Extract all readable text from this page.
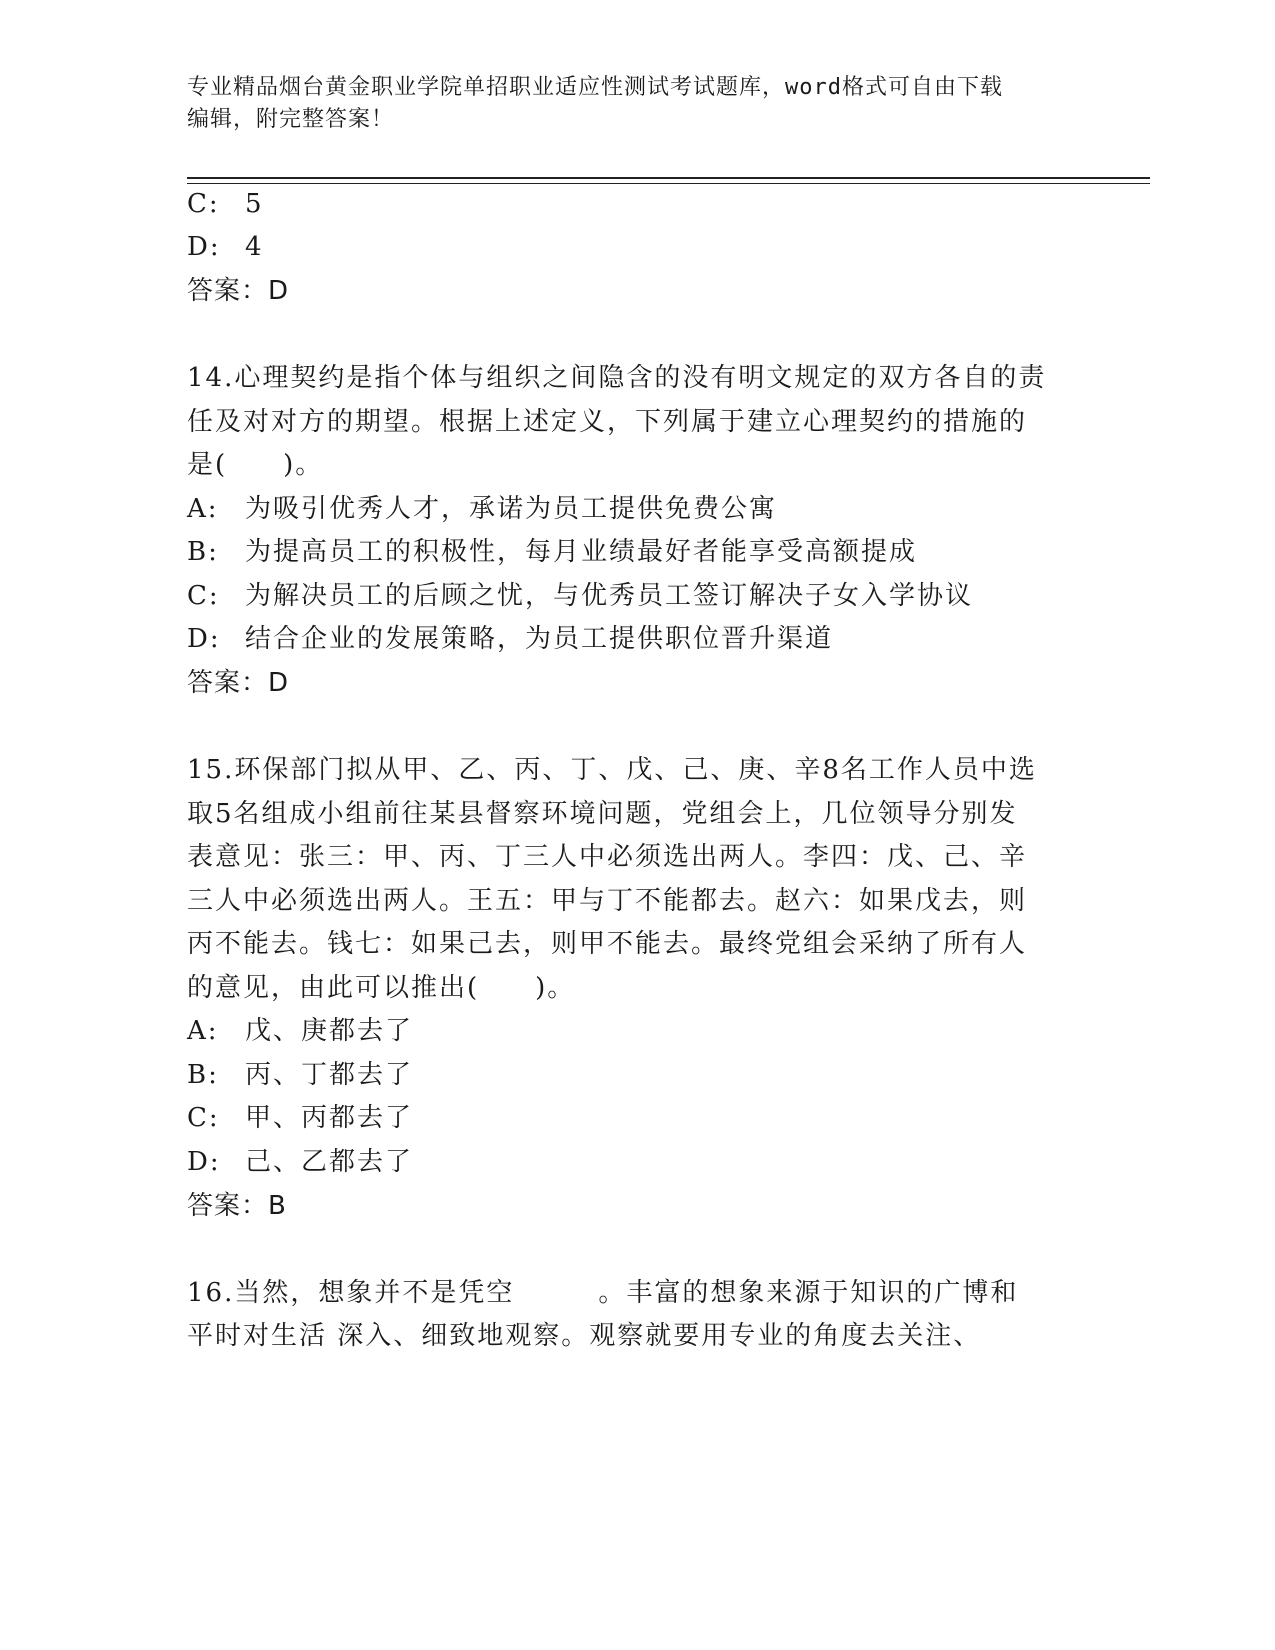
专业精品烟台黄金职业学院单招职业适应性测试考试题库，word格式可自由下载
编辑，附完整答案！
C: 5
D: 4
答案：D
14.心理契约是指个体与组织之间隐含的没有明文规定的双方各自的责
任及对对方的期望。根据上述定义，下列属于建立心理契约的措施的
是(　　)。
A: 为吸引优秀人才，承诺为员工提供免费公寓
B: 为提高员工的积极性，每月业绩最好者能享受高额提成
C: 为解决员工的后顾之忧，与优秀员工签订解决子女入学协议
D: 结合企业的发展策略，为员工提供职位晋升渠道
答案：D
15.环保部门拟从甲、乙、丙、丁、戊、己、庚、辛8名工作人员中选
取5名组成小组前往某县督察环境问题，党组会上，几位领导分别发
表意见：张三：甲、丙、丁三人中必须选出两人。李四：戊、己、辛
三人中必须选出两人。王五：甲与丁不能都去。赵六：如果戊去，则
丙不能去。钱七：如果己去，则甲不能去。最终党组会采纳了所有人
的意见，由此可以推出(　　)。
A: 戊、庚都去了
B: 丙、丁都去了
C: 甲、丙都去了
D: 己、乙都去了
答案：B
16.当然，想象并不是凭空　　　。丰富的想象来源于知识的广博和
平时对生活 深入、细致地观察。观察就要用专业的角度去关注、
